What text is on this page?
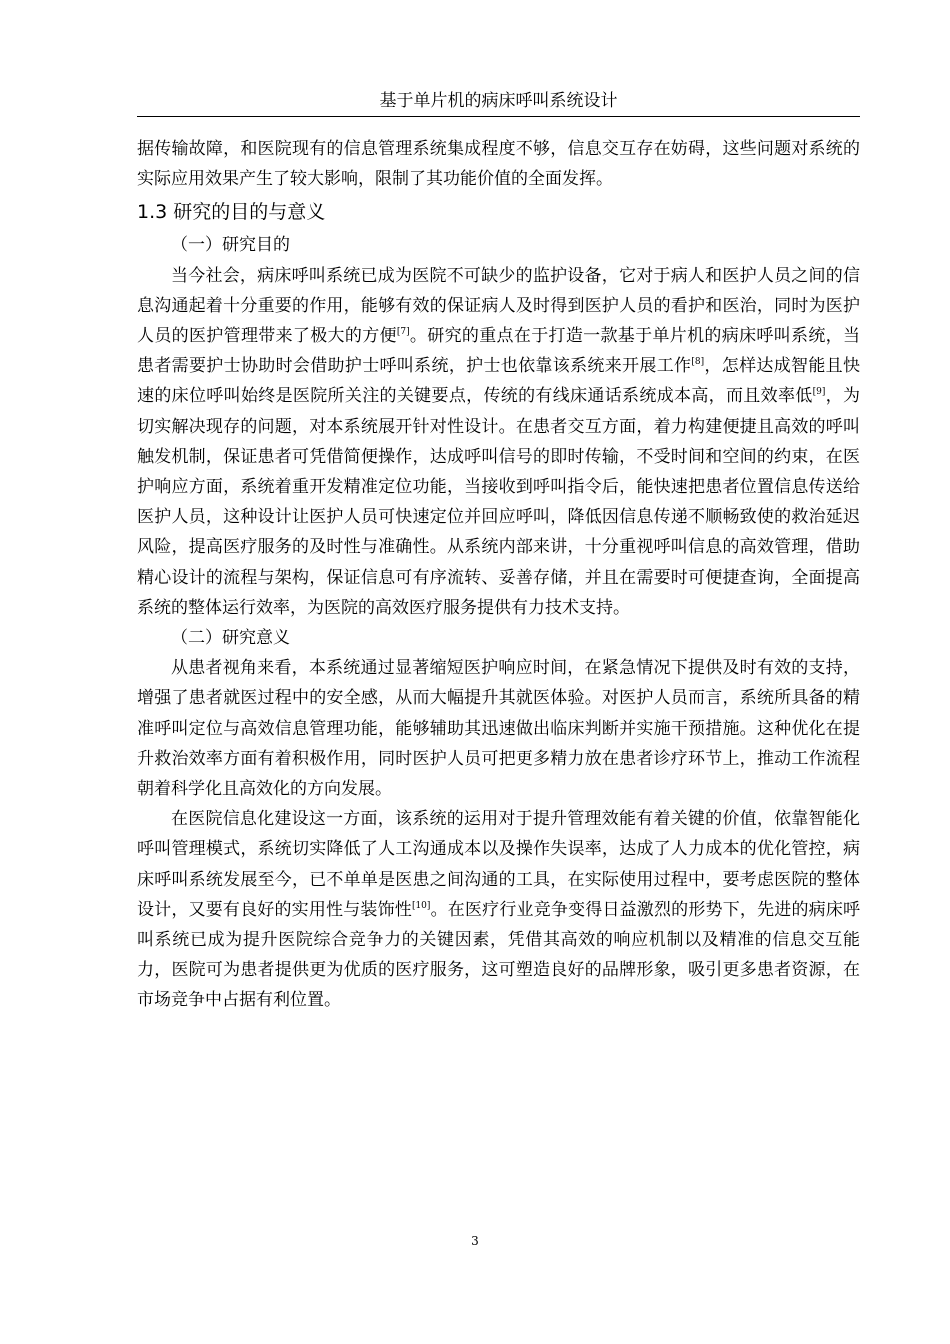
基于单片机的病床呼叫系统设计

据传输故障，和医院现有的信息管理系统集成程度不够，信息交互存在妨碍，这些问题对系统的实际应用效果产生了较大影响，限制了其功能价值的全面发挥。

1.3 研究的目的与意义
（一）研究目的

当今社会，病床呼叫系统已成为医院不可缺少的监护设备，它对于病人和医护人员之间的信息沟通起着十分重要的作用，能够有效的保证病人及时得到医护人员的看护和医治，同时为医护人员的医护管理带来了极大的方便[7]。研究的重点在于打造一款基于单片机的病床呼叫系统，当患者需要护士协助时会借助护士呼叫系统，护士也依靠该系统来开展工作[8]，怎样达成智能且快速的床位呼叫始终是医院所关注的关键要点，传统的有线床通话系统成本高，而且效率低[9]，为切实解决现存的问题，对本系统展开针对性设计。在患者交互方面，着力构建便捷且高效的呼叫触发机制，保证患者可凭借简便操作，达成呼叫信号的即时传输，不受时间和空间的约束，在医护响应方面，系统着重开发精准定位功能，当接收到呼叫指令后，能快速把患者位置信息传送给医护人员，这种设计让医护人员可快速定位并回应呼叫，降低因信息传递不顺畅致使的救治延迟风险，提高医疗服务的及时性与准确性。从系统内部来讲，十分重视呼叫信息的高效管理，借助精心设计的流程与架构，保证信息可有序流转、妥善存储，并且在需要时可便捷查询，全面提高系统的整体运行效率，为医院的高效医疗服务提供有力技术支持。

（二）研究意义

从患者视角来看，本系统通过显著缩短医护响应时间，在紧急情况下提供及时有效的支持，增强了患者就医过程中的安全感，从而大幅提升其就医体验。对医护人员而言，系统所具备的精准呼叫定位与高效信息管理功能，能够辅助其迅速做出临床判断并实施干预措施。这种优化在提升救治效率方面有着积极作用，同时医护人员可把更多精力放在患者诊疗环节上，推动工作流程朝着科学化且高效化的方向发展。

在医院信息化建设这一方面，该系统的运用对于提升管理效能有着关键的价值，依靠智能化呼叫管理模式，系统切实降低了人工沟通成本以及操作失误率，达成了人力成本的优化管控，病床呼叫系统发展至今，已不单单是医患之间沟通的工具，在实际使用过程中，要考虑医院的整体设计，又要有良好的实用性与装饰性[10]。在医疗行业竞争变得日益激烈的形势下，先进的病床呼叫系统已成为提升医院综合竞争力的关键因素，凭借其高效的响应机制以及精准的信息交互能力，医院可为患者提供更为优质的医疗服务，这可塑造良好的品牌形象，吸引更多患者资源，在市场竞争中占据有利位置。

3
